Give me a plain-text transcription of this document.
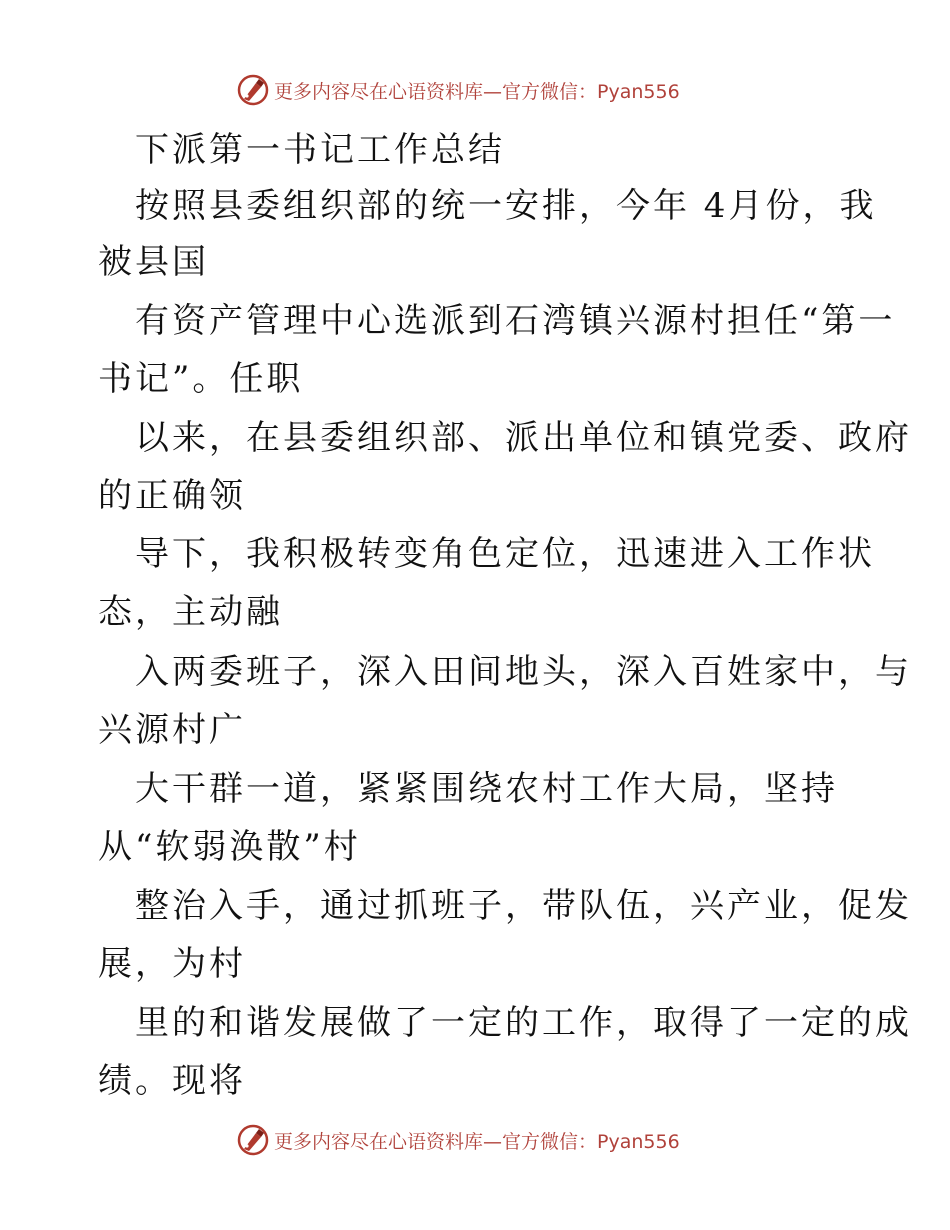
更多内容尽在心语资料库—官方微信：Pyan556
下派第一书记工作总结
按照县委组织部的统一安排，今年 4月份，我
被县国
有资产管理中心选派到石湾镇兴源村担任“第一
书记”。任职
以来，在县委组织部、派出单位和镇党委、政府
的正确领
导下，我积极转变角色定位，迅速进入工作状
态，主动融
入两委班子，深入田间地头，深入百姓家中，与
兴源村广
大干群一道，紧紧围绕农村工作大局，坚持
从“软弱涣散”村
整治入手，通过抓班子，带队伍，兴产业，促发
展，为村
里的和谐发展做了一定的工作，取得了一定的成
绩。现将
更多内容尽在心语资料库—官方微信：Pyan556
